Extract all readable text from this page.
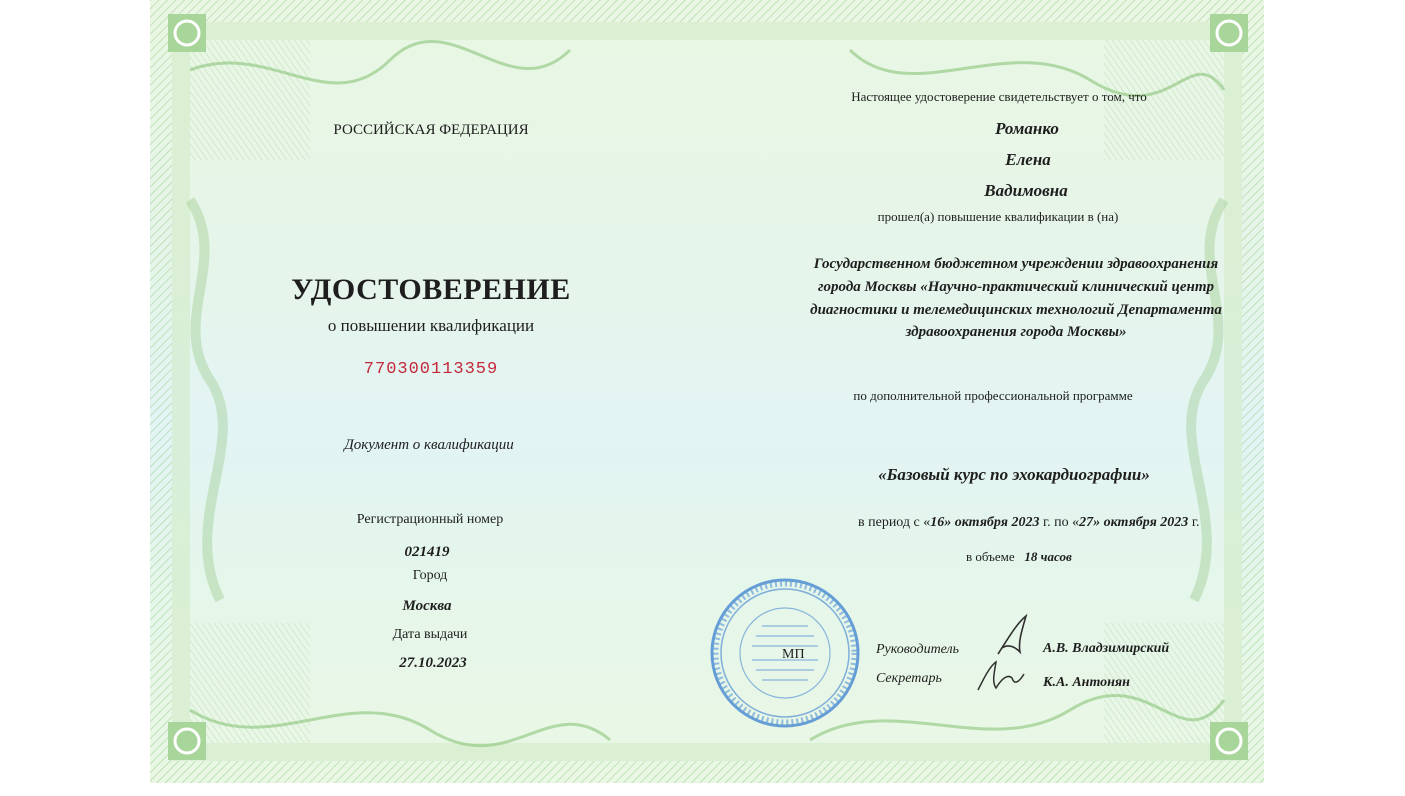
РОССИЙСКАЯ ФЕДЕРАЦИЯ
УДОСТОВЕРЕНИЕ
о повышении квалификации
770300113359
Документ о квалификации
Регистрационный номер
021419
Город
Москва
Дата выдачи
27.10.2023
Настоящее удостоверение свидетельствует о том, что
Романко
Елена
Вадимовна
прошел(а) повышение квалификации в (на)
Государственном бюджетном учреждении здравоохранения
города Москвы «Научно-практический клинический центр
диагностики и телемедицинских технологий Департамента
здравоохранения города Москвы»
по дополнительной профессиональной программе
«Базовый курс по эхокардиографии»
в период с «16» октября 2023 г. по «27» октября 2023 г.
в объеме 18 часов
МП	Руководитель	А.В. Владзимирский
Секретарь	К.А. Антонян
